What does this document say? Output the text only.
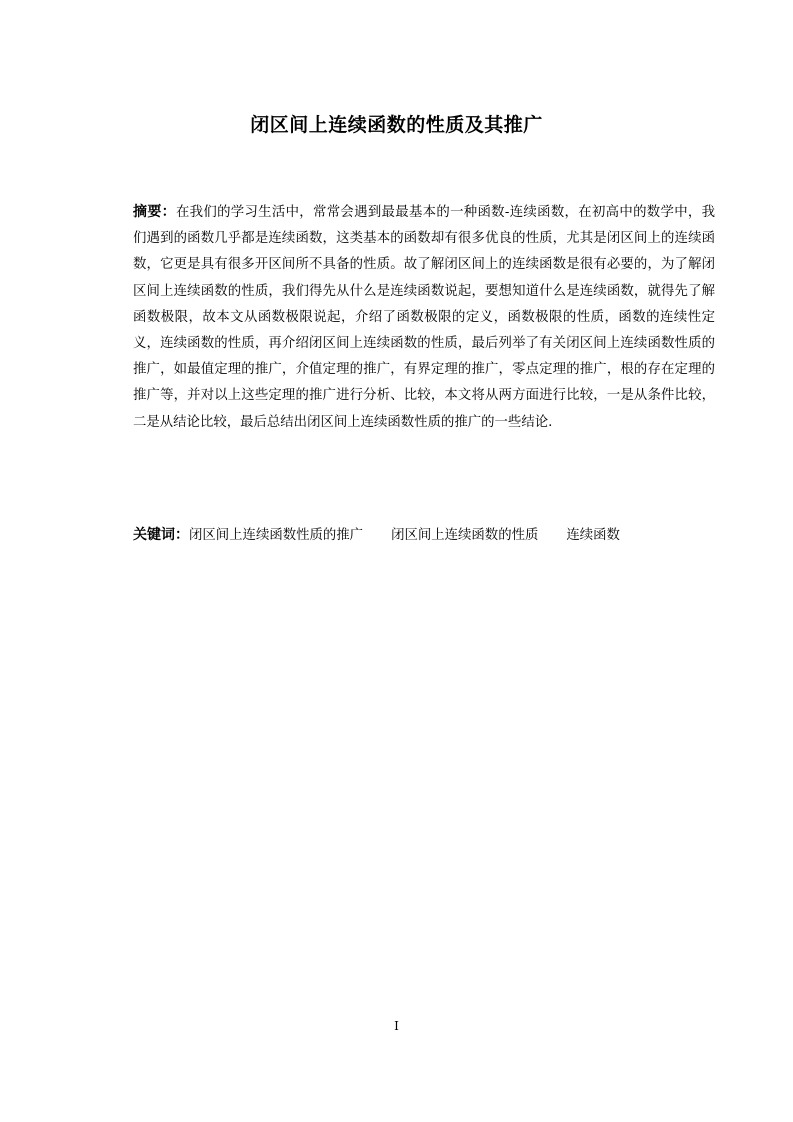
闭区间上连续函数的性质及其推广
摘要：在我们的学习生活中，常常会遇到最最基本的一种函数-连续函数，在初高中的数学中，我们遇到的函数几乎都是连续函数，这类基本的函数却有很多优良的性质，尤其是闭区间上的连续函数，它更是具有很多开区间所不具备的性质。故了解闭区间上的连续函数是很有必要的，为了解闭区间上连续函数的性质，我们得先从什么是连续函数说起，要想知道什么是连续函数，就得先了解函数极限，故本文从函数极限说起，介绍了函数极限的定义，函数极限的性质，函数的连续性定义，连续函数的性质，再介绍闭区间上连续函数的性质，最后列举了有关闭区间上连续函数性质的推广，如最值定理的推广，介值定理的推广，有界定理的推广，零点定理的推广，根的存在定理的推广等，并对以上这些定理的推广进行分析、比较，本文将从两方面进行比较，一是从条件比较，二是从结论比较，最后总结出闭区间上连续函数性质的推广的一些结论.
关键词：闭区间上连续函数性质的推广 闭区间上连续函数的性质 连续函数
I
